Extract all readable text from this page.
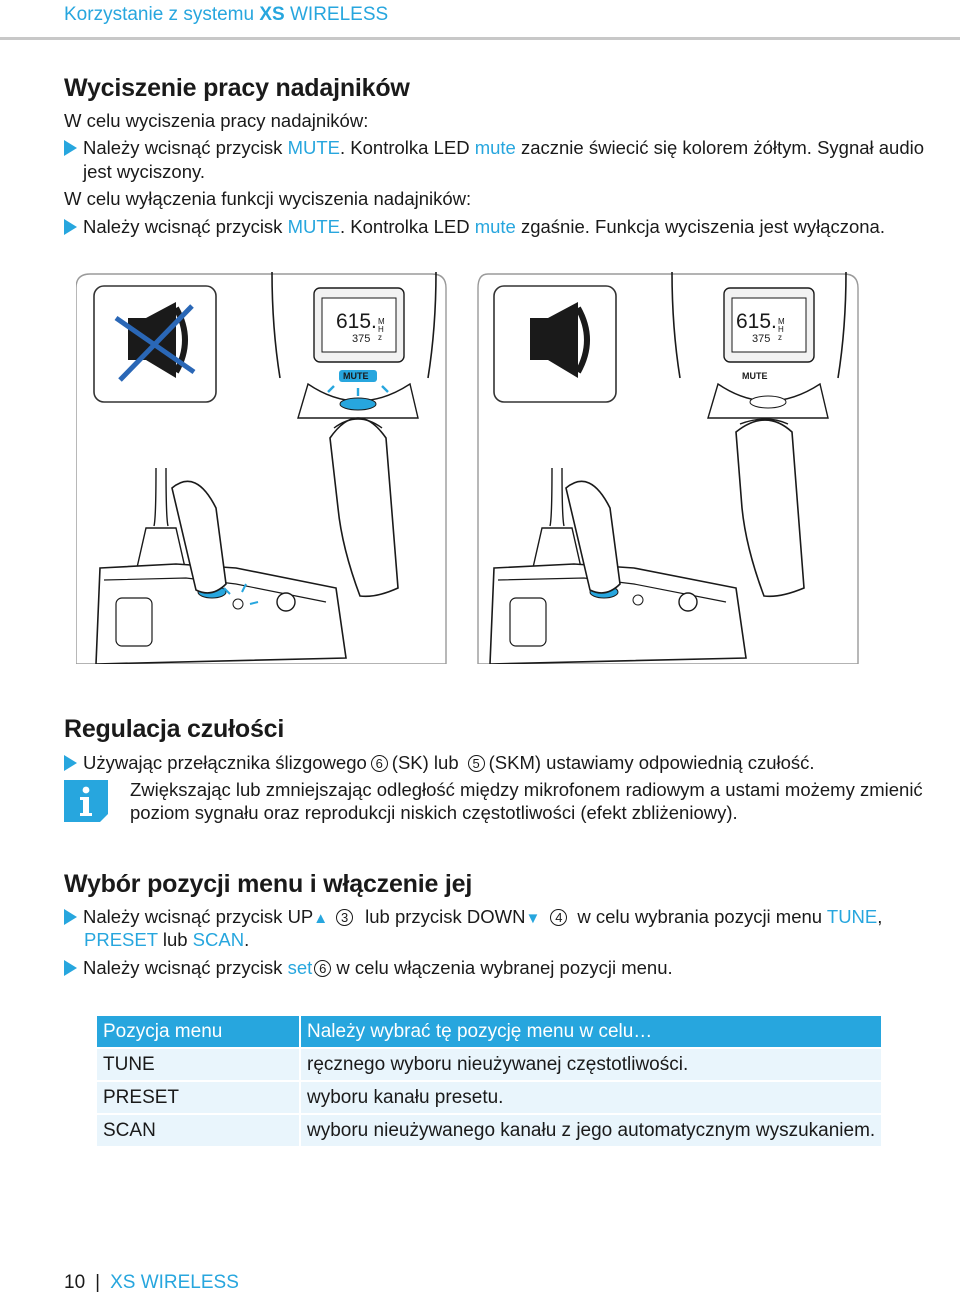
Korzystanie z systemu XS WIRELESS
Wyciszenie pracy nadajników
W celu wyciszenia pracy nadajników:
Należy wcisnąć przycisk MUTE. Kontrolka LED mute zacznie świecić się kolorem żółtym. Sygnał audio
jest wyciszony.
W celu wyłączenia funkcji wyciszenia nadajników:
Należy wcisnąć przycisk MUTE. Kontrolka LED mute zgaśnie. Funkcja wyciszenia jest wyłączona.
615.
375
M
H
z
MUTE
615.
375
M
H
z
MUTE
Regulacja czułości
Używając przełącznika ślizgowego 6 (SK) lub 5 (SKM) ustawiamy odpowiednią czułość.
Zwiększając lub zmniejszając odległość między mikrofonem radiowym a ustami możemy zmienić
poziom sygnału oraz reprodukcji niskich częstotliwości (efekt zbliżeniowy).
Wybór pozycji menu i włączenie jej
Należy wcisnąć przycisk UP▲ 3 lub przycisk DOWN▼ 4 w celu wybrania pozycji menu TUNE,
PRESET lub SCAN.
Należy wcisnąć przycisk set 6 w celu włączenia wybranej pozycji menu.
Pozycja menu	Należy wybrać tę pozycję menu w celu…
TUNE	ręcznego wyboru nieużywanej częstotliwości.
PRESET	wyboru kanału presetu.
SCAN	wyboru nieużywanego kanału z jego automatycznym wyszukaniem.
10 | XS WIRELESS
